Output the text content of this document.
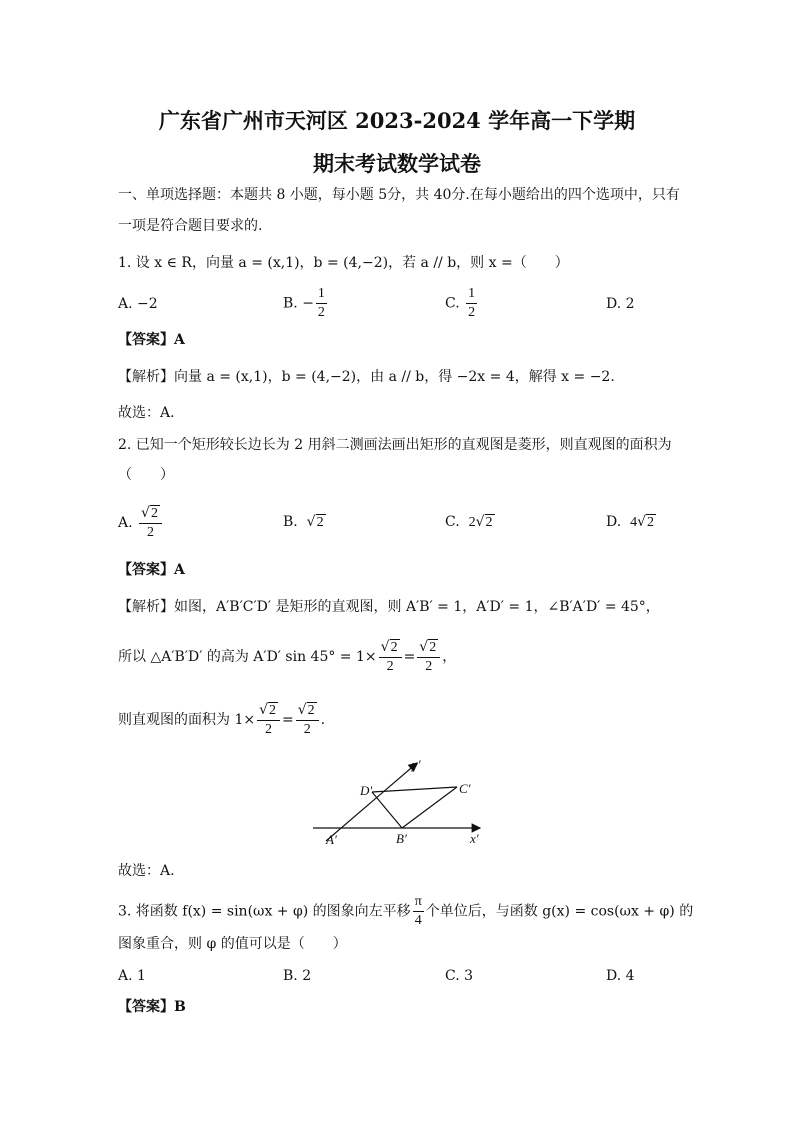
广东省广州市天河区 2023-2024 学年高一下学期
期末考试数学试卷
一、单项选择题：本题共 8 小题，每小题 5分，共 40分.在每小题给出的四个选项中，只有
一项是符合题目要求的.
1. 设 x ∈ R，向量 a = (x,1)，b = (4,−2)，若 a // b，则 x =（　　）
A. −2	B. − $\frac{1}{2}$	C. $\frac{1}{2}$	D. 2
【答案】A
【解析】向量 a = (x,1)，b = (4,−2)，由 a // b，得 −2x = 4，解得 x = −2.
故选：A.
2. 已知一个矩形较长边长为 2 用斜二测画法画出矩形的直观图是菱形，则直观图的面积为
（　　）
A. $\frac{√2}{2}$	B. √2	C. 2√2	D. 4√2
【答案】A
【解析】如图，A′B′C′D′ 是矩形的直观图，则 A′B′ = 1，A′D′ = 1，∠B′A′D′ = 45°，
所以 △A′B′D′ 的高为 A′D′ $\sin 45^\circ = 1\times \frac{√2}{2} = \frac{√2}{2}$ ，
则直观图的面积为 $1\times \frac{√2}{2} = \frac{√2}{2}$ .
y′
x′
A′	B′
C′
D′
故选：A.
3. 将函数 f(x) = sin(ωx + φ) 的图象向左平移 $\frac{\pi}{4}$ 个单位后，与函数 g(x) = cos(ωx + φ) 的
图象重合，则 φ 的值可以是（　　）
A. 1	B. 2	C. 3	D. 4
【答案】B
